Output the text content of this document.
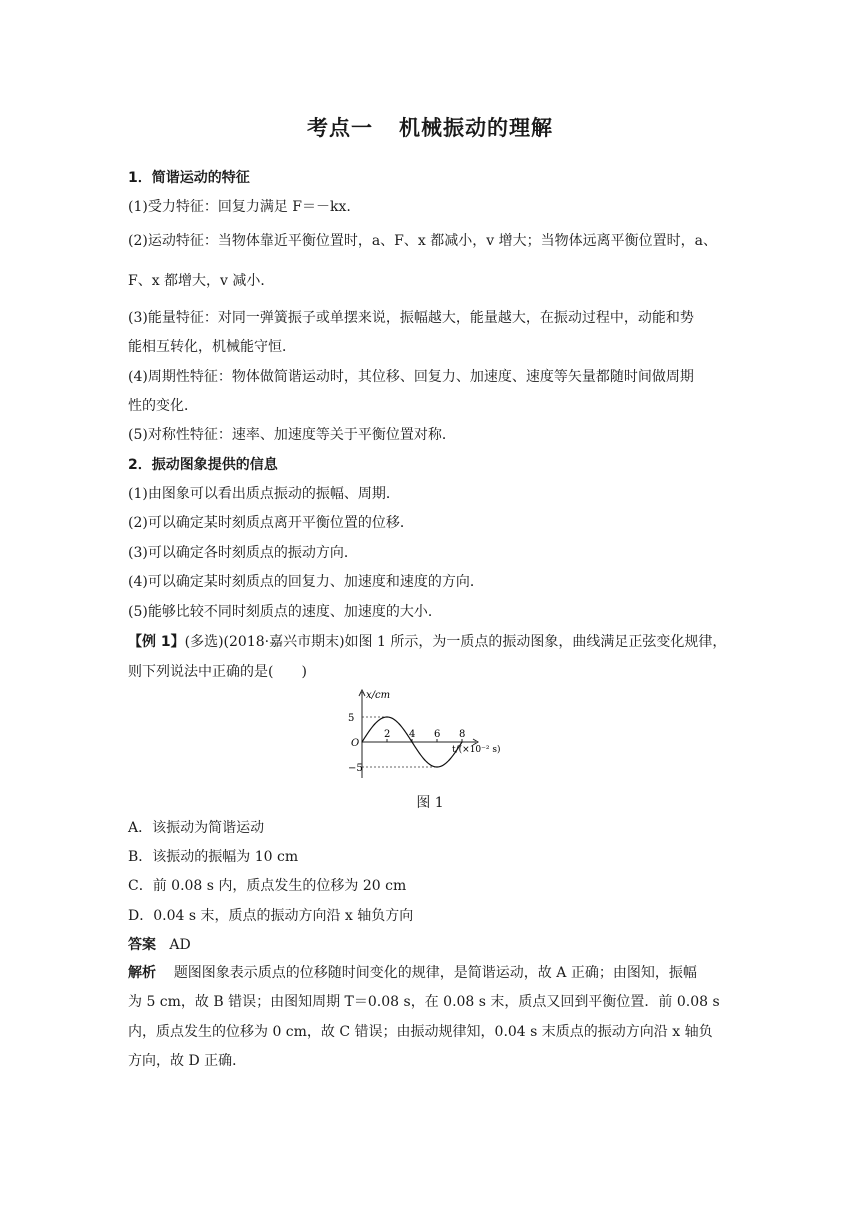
考点一 机械振动的理解
1．简谐运动的特征
(1)受力特征：回复力满足 F＝－kx.
(2)运动特征：当物体靠近平衡位置时，a、F、x 都减小，v 增大；当物体远离平衡位置时，a、
F、x 都增大，v 减小．
(3)能量特征：对同一弹簧振子或单摆来说，振幅越大，能量越大，在振动过程中，动能和势
能相互转化，机械能守恒．
(4)周期性特征：物体做简谐运动时，其位移、回复力、加速度、速度等矢量都随时间做周期
性的变化．
(5)对称性特征：速率、加速度等关于平衡位置对称．
2．振动图象提供的信息
(1)由图象可以看出质点振动的振幅、周期．
(2)可以确定某时刻质点离开平衡位置的位移．
(3)可以确定各时刻质点的振动方向．
(4)可以确定某时刻质点的回复力、加速度和速度的方向．
(5)能够比较不同时刻质点的速度、加速度的大小．
【例 1】(多选)(2018·嘉兴市期末)如图 1 所示，为一质点的振动图象，曲线满足正弦变化规律，
则下列说法中正确的是(　　)
x/cm
t/(×10⁻² s)
O
5
−5
2 4 6 8
图 1
A．该振动为简谐运动
B．该振动的振幅为 10 cm
C．前 0.08 s 内，质点发生的位移为 20 cm
D．0.04 s 末，质点的振动方向沿 x 轴负方向
答案 AD
解析 题图图象表示质点的位移随时间变化的规律，是简谐运动，故 A 正确；由图知，振幅
为 5 cm，故 B 错误；由图知周期 T＝0.08 s，在 0.08 s 末，质点又回到平衡位置．前 0.08 s
内，质点发生的位移为 0 cm，故 C 错误；由振动规律知，0.04 s 末质点的振动方向沿 x 轴负
方向，故 D 正确．
